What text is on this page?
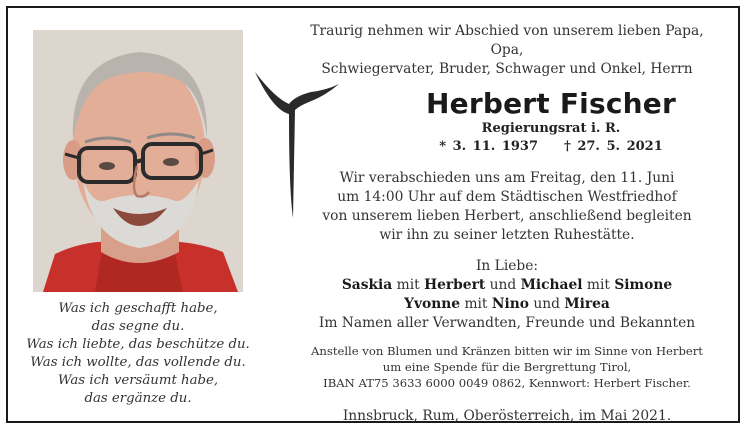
Was ich geschafft habe,
das segne du.
Was ich liebte, das beschütze du.
Was ich wollte, das vollende du.
Was ich versäumt habe,
das ergänze du.
Traurig nehmen wir Abschied von unserem lieben Papa, Opa,
Schwiegervater, Bruder, Schwager und Onkel, Herrn
Herbert Fischer
Regierungsrat i. R.
* 3. 11. 1937 † 27. 5. 2021
Wir verabschieden uns am Freitag, den 11. Juni
um 14:00 Uhr auf dem Städtischen Westfriedhof
von unserem lieben Herbert, anschließend begleiten
wir ihn zu seiner letzten Ruhestätte.
In Liebe:
Saskia mit Herbert und Michael mit Simone
Yvonne mit Nino und Mirea
Im Namen aller Verwandten, Freunde und Bekannten
Anstelle von Blumen und Kränzen bitten wir im Sinne von Herbert
um eine Spende für die Bergrettung Tirol,
IBAN AT75 3633 6000 0049 0862, Kennwort: Herbert Fischer.
Innsbruck, Rum, Oberösterreich, im Mai 2021.
